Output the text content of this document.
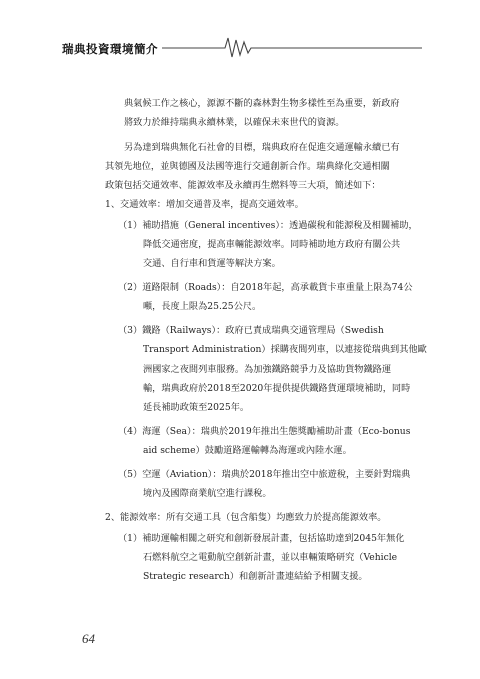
瑞典投資環境簡介
典氣候工作之核心，源源不斷的森林對生物多樣性至為重要，新政府
將致力於維持瑞典永續林業，以確保未來世代的資源。
另為達到瑞典無化石社會的目標，瑞典政府在促進交通運輸永續已有
其領先地位，並與德國及法國等進行交通創新合作。瑞典綠化交通相關
政策包括交通效率、能源效率及永續再生燃料等三大項，簡述如下：
1、交通效率：增加交通普及率，提高交通效率。
（1）補助措施（General incentives）：透過碳稅和能源稅及相關補助，
降低交通密度，提高車輛能源效率。同時補助地方政府有關公共
交通、自行車和貨運等解決方案。
（2）道路限制（Roads）：自2018年起，高承載貨卡車重量上限為74公
噸，長度上限為25.25公尺。
（3）鐵路（Railways）：政府已責成瑞典交通管理局（Swedish
Transport Administration）採購夜間列車，以連接從瑞典到其他歐
洲國家之夜間列車服務。為加強鐵路競爭力及協助貨物鐵路運
輸，瑞典政府於2018至2020年提供提供鐵路貨運環境補助，同時
延長補助政策至2025年。
（4）海運（Sea）：瑞典於2019年推出生態獎勵補助計畫（Eco-bonus
aid scheme）鼓勵道路運輸轉為海運或內陸水運。
（5）空運（Aviation）：瑞典於2018年推出空中旅遊稅，主要針對瑞典
境內及國際商業航空進行課稅。
2、能源效率：所有交通工具（包含船隻）均應致力於提高能源效率。
（1）補助運輸相關之研究和創新發展計畫，包括協助達到2045年無化
石燃料航空之電動航空創新計畫，並以車輛策略研究（Vehicle
Strategic research）和創新計畫連結給予相關支援。
64
